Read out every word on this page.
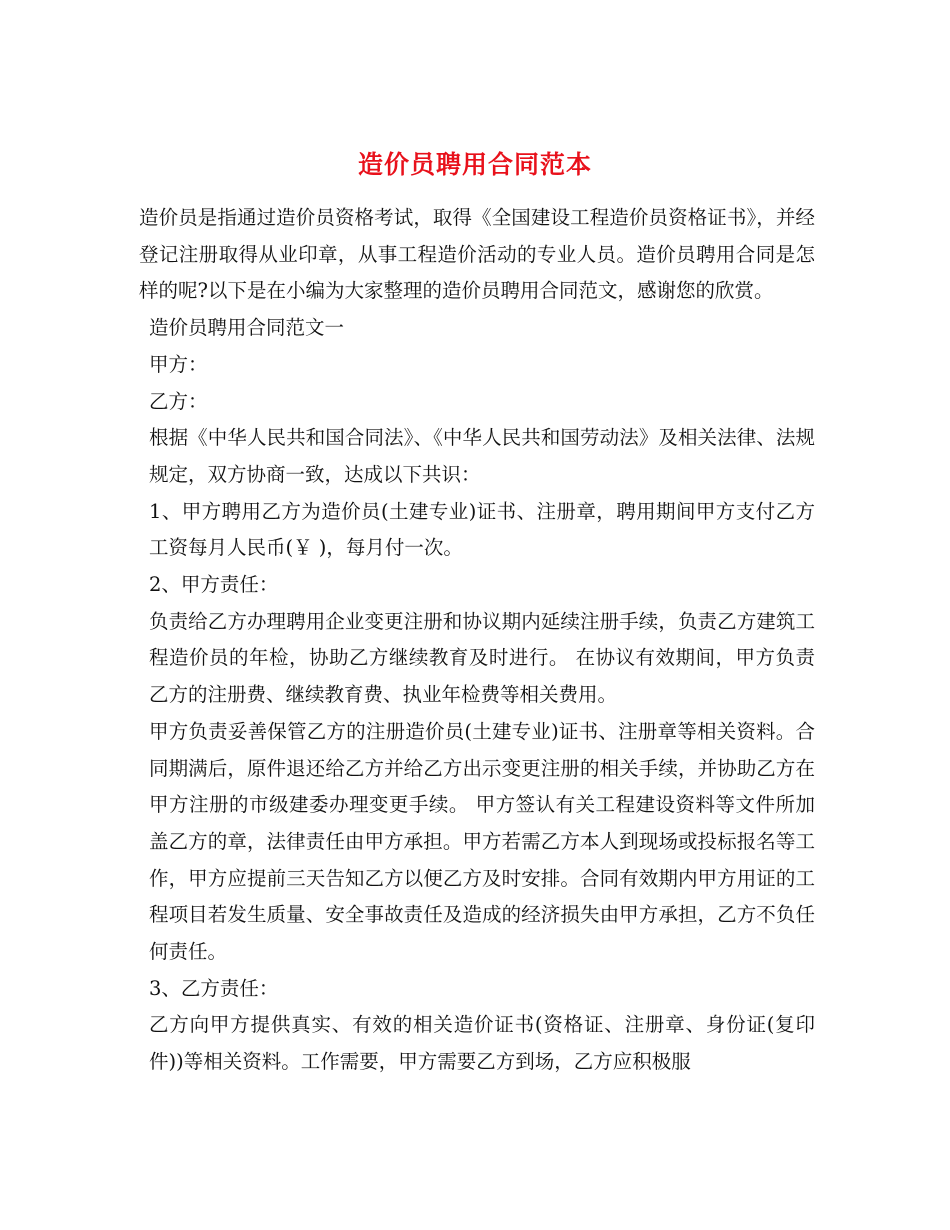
造价员聘用合同范本

造价员是指通过造价员资格考试，取得《全国建设工程造价员资格证书》，并经登记注册取得从业印章，从事工程造价活动的专业人员。造价员聘用合同是怎样的呢?以下是在小编为大家整理的造价员聘用合同范文，感谢您的欣赏。

造价员聘用合同范文一

甲方：

乙方：

根据《中华人民共和国合同法》、《中华人民共和国劳动法》及相关法律、法规规定，双方协商一致，达成以下共识：

1、甲方聘用乙方为造价员(土建专业)证书、注册章，聘用期间甲方支付乙方工资每月人民币(￥ )，每月付一次。

2、甲方责任：

负责给乙方办理聘用企业变更注册和协议期内延续注册手续，负责乙方建筑工程造价员的年检，协助乙方继续教育及时进行。 在协议有效期间，甲方负责乙方的注册费、继续教育费、执业年检费等相关费用。

甲方负责妥善保管乙方的注册造价员(土建专业)证书、注册章等相关资料。合同期满后，原件退还给乙方并给乙方出示变更注册的相关手续，并协助乙方在甲方注册的市级建委办理变更手续。 甲方签认有关工程建设资料等文件所加盖乙方的章，法律责任由甲方承担。甲方若需乙方本人到现场或投标报名等工作，甲方应提前三天告知乙方以便乙方及时安排。合同有效期内甲方用证的工程项目若发生质量、安全事故责任及造成的经济损失由甲方承担，乙方不负任何责任。

3、乙方责任：

乙方向甲方提供真实、有效的相关造价证书(资格证、注册章、身份证(复印件))等相关资料。工作需要，甲方需要乙方到场，乙方应积极服
